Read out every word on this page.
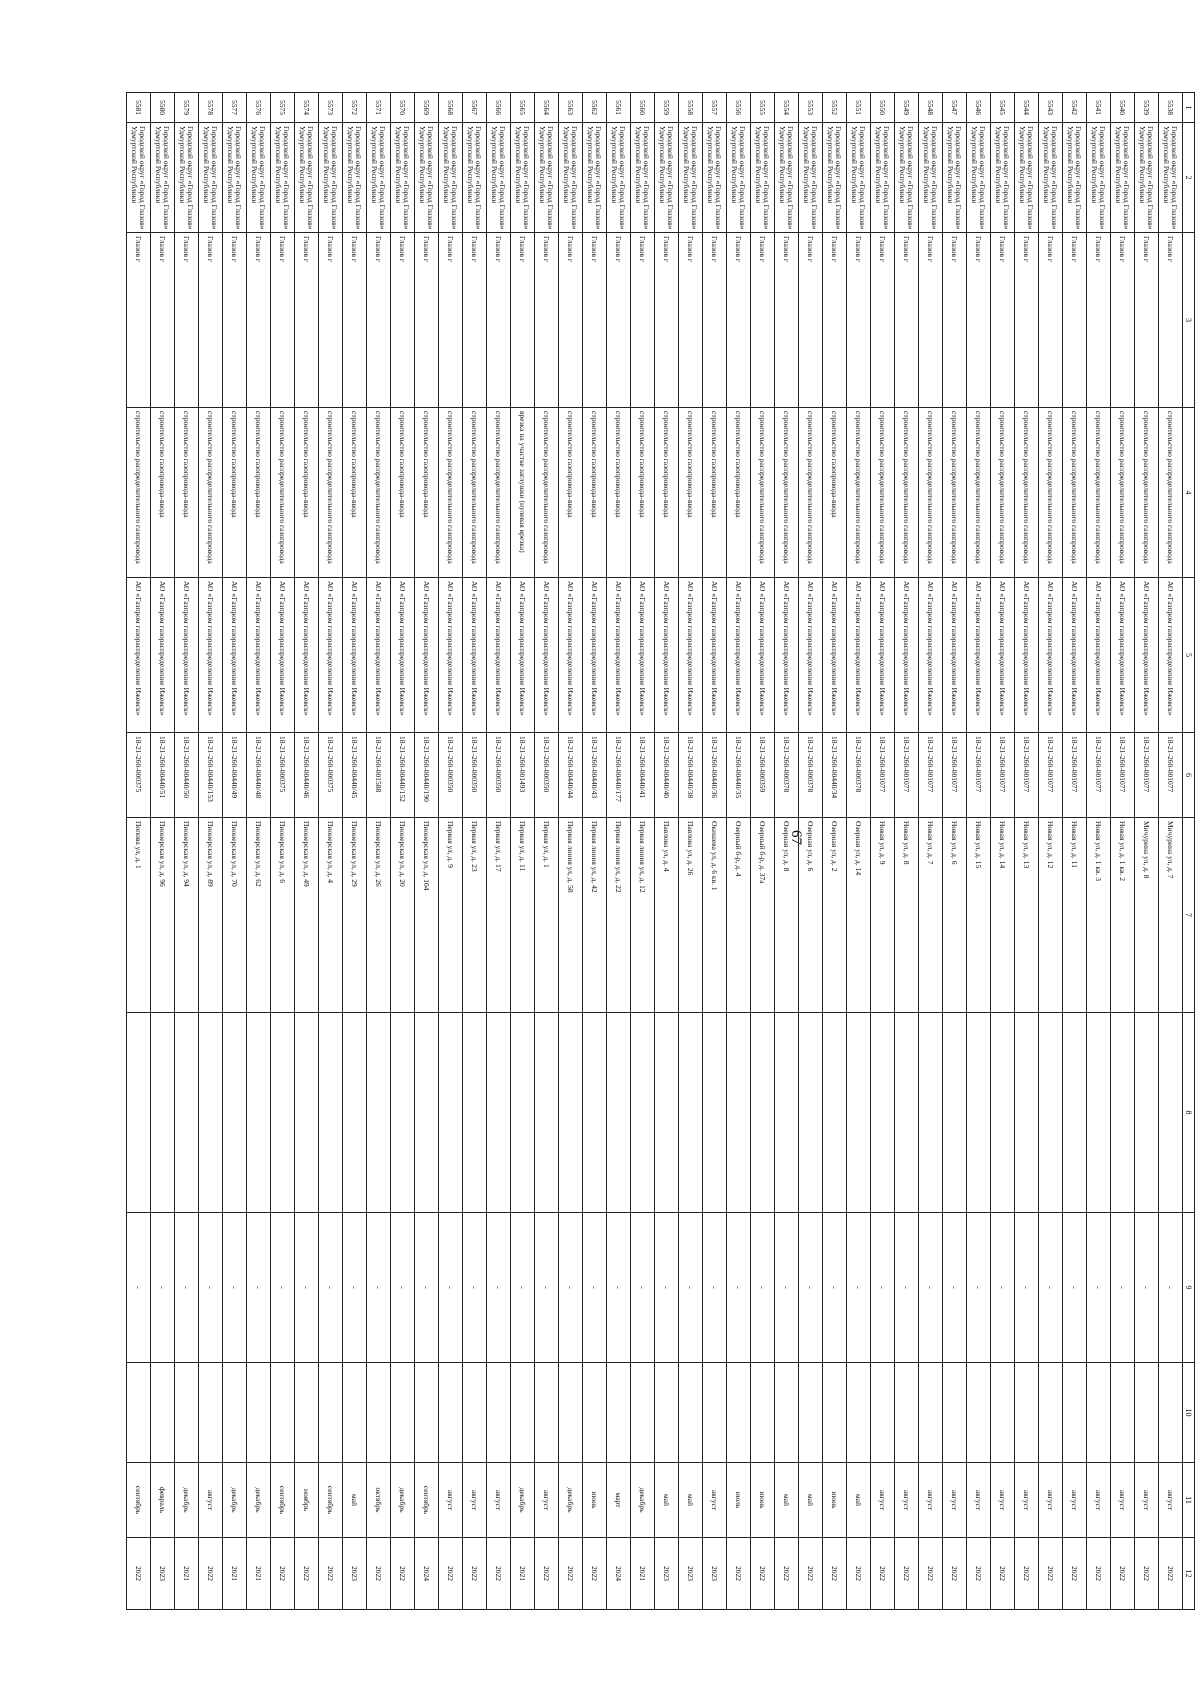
67
1	2	3	4	5	6	7	8	9	10	11	12
5538	Городской округ «Город Глазов»
Удмуртской Республики	Глазов г	строительство распределительного газопровода	АО «Газпром газораспределение Ижевск»	18-21-260-001077	Мичурина ул, д. 7		-		август	2022
5539	Городской округ «Город Глазов»
Удмуртской Республики	Глазов г	строительство распределительного газопровода	АО «Газпром газораспределение Ижевск»	18-21-260-001077	Мичурина ул, д. 8		-		август	2022
5540	Городской округ «Город Глазов»
Удмуртской Республики	Глазов г	строительство распределительного газопровода	АО «Газпром газораспределение Ижевск»	18-21-260-001077	Новая ул, д. 1 кв. 2		-		август	2022
5541	Городской округ «Город Глазов»
Удмуртской Республики	Глазов г	строительство распределительного газопровода	АО «Газпром газораспределение Ижевск»	18-21-260-001077	Новая ул, д. 1 кв. 3		-		август	2022
5542	Городской округ «Город Глазов»
Удмуртской Республики	Глазов г	строительство распределительного газопровода	АО «Газпром газораспределение Ижевск»	18-21-260-001077	Новая ул, д. 11		-		август	2022
5543	Городской округ «Город Глазов»
Удмуртской Республики	Глазов г	строительство распределительного газопровода	АО «Газпром газораспределение Ижевск»	18-21-260-001077	Новая ул, д. 12		-		август	2022
5544	Городской округ «Город Глазов»
Удмуртской Республики	Глазов г	строительство распределительного газопровода	АО «Газпром газораспределение Ижевск»	18-21-260-001077	Новая ул, д. 13		-		август	2022
5545	Городской округ «Город Глазов»
Удмуртской Республики	Глазов г	строительство распределительного газопровода	АО «Газпром газораспределение Ижевск»	18-21-260-001077	Новая ул, д. 14		-		август	2022
5546	Городской округ «Город Глазов»
Удмуртской Республики	Глазов г	строительство распределительного газопровода	АО «Газпром газораспределение Ижевск»	18-21-260-001077	Новая ул, д. 15		-		август	2022
5547	Городской округ «Город Глазов»
Удмуртской Республики	Глазов г	строительство распределительного газопровода	АО «Газпром газораспределение Ижевск»	18-21-260-001077	Новая ул, д. 6		-		август	2022
5548	Городской округ «Город Глазов»
Удмуртской Республики	Глазов г	строительство распределительного газопровода	АО «Газпром газораспределение Ижевск»	18-21-260-001077	Новая ул, д. 7		-		август	2022
5549	Городской округ «Город Глазов»
Удмуртской Республики	Глазов г	строительство распределительного газопровода	АО «Газпром газораспределение Ижевск»	18-21-260-001077	Новая ул, д. 8		-		август	2022
5550	Городской округ «Город Глазов»
Удмуртской Республики	Глазов г	строительство распределительного газопровода	АО «Газпром газораспределение Ижевск»	18-21-260-001077	Новая ул, д. 9		-		август	2022
5551	Городской округ «Город Глазов»
Удмуртской Республики	Глазов г	строительство распределительного газопровода	АО «Газпром газораспределение Ижевск»	18-21-260-000378	Озерная ул, д. 14		-		май	2022
5552	Городской округ «Город Глазов»
Удмуртской Республики	Глазов г	строительство газопровода-ввода	АО «Газпром газораспределение Ижевск»	18-21-260-00440/34	Озерная ул, д. 2		-		июнь	2022
5553	Городской округ «Город Глазов»
Удмуртской Республики	Глазов г	строительство распределительного газопровода	АО «Газпром газораспределение Ижевск»	18-21-260-000378	Озерная ул, д. 6		-		май	2022
5554	Городской округ «Город Глазов»
Удмуртской Республики	Глазов г	строительство распределительного газопровода	АО «Газпром газораспределение Ижевск»	18-21-260-000378	Озерная ул, д. 8		-		май	2022
5555	Городской округ «Город Глазов»
Удмуртской Республики	Глазов г	строительство распределительного газопровода	АО «Газпром газораспределение Ижевск»	18-21-260-000359	Озерный б-р, д. 37а		-		июнь	2022
5556	Городской округ «Город Глазов»
Удмуртской Республики	Глазов г	строительство газопровода-ввода	АО «Газпром газораспределение Ижевск»	18-21-260-00440/35	Озерный б-р, д. 4		-		июль	2022
5557	Городской округ «Город Глазов»
Удмуртской Республики	Глазов г	строительство газопровода-ввода	АО «Газпром газораспределение Ижевск»	18-21-260-00440/36	Окишева ул, д. 6 кв. 1		-		август	2023
5558	Городской округ «Город Глазов»
Удмуртской Республики	Глазов г	строительство газопровода-ввода	АО «Газпром газораспределение Ижевск»	18-21-260-00440/38	Павлова ул, д. 26		-		май	2023
5559	Городской округ «Город Глазов»
Удмуртской Республики	Глазов г	строительство газопровода-ввода	АО «Газпром газораспределение Ижевск»	18-21-260-00440/40	Павлова ул, д. 4		-		май	2023
5560	Городской округ «Город Глазов»
Удмуртской Республики	Глазов г	строительство газопровода-ввода	АО «Газпром газораспределение Ижевск»	18-21-260-00440/41	Первая линия ул, д. 12		-		декабрь	2021
5561	Городской округ «Город Глазов»
Удмуртской Республики	Глазов г	строительство газопровода-ввода	АО «Газпром газораспределение Ижевск»	18-21-260-00440/177	Первая линия ул, д. 22		-		март	2024
5562	Городской округ «Город Глазов»
Удмуртской Республики	Глазов г	строительство газопровода-ввода	АО «Газпром газораспределение Ижевск»	18-21-260-00440/43	Первая линия ул, д. 42		-		июнь	2022
5563	Городской округ «Город Глазов»
Удмуртской Республики	Глазов г	строительство газопровода-ввода	АО «Газпром газораспределение Ижевск»	18-21-260-00440/44	Первая линия ул, д. 58		-		декабрь	2022
5564	Городской округ «Город Глазов»
Удмуртской Республики	Глазов г	строительство распределительного газопровода	АО «Газпром газораспределение Ижевск»	18-21-260-000350	Первая ул, д. 1		-		август	2022
5565	Городской округ «Город Глазов»
Удмуртской Республики	Глазов г	врезка на участке заглушки (нулевая врезка)	АО «Газпром газораспределение Ижевск»	18-21-260-001493	Первая ул, д. 11		-		декабрь	2021
5566	Городской округ «Город Глазов»
Удмуртской Республики	Глазов г	строительство распределительного газопровода	АО «Газпром газораспределение Ижевск»	18-21-260-000350	Первая ул, д. 17		-		август	2022
5567	Городской округ «Город Глазов»
Удмуртской Республики	Глазов г	строительство распределительного газопровода	АО «Газпром газораспределение Ижевск»	18-21-260-000350	Первая ул, д. 23		-		август	2022
5568	Городской округ «Город Глазов»
Удмуртской Республики	Глазов г	строительство распределительного газопровода	АО «Газпром газораспределение Ижевск»	18-21-260-000350	Первая ул, д. 9		-		август	2022
5569	Городской округ «Город Глазов»
Удмуртской Республики	Глазов г	строительство газопровода-ввода	АО «Газпром газораспределение Ижевск»	18-21-260-00440/190	Пионерская ул, д. 104		-		сентябрь	2024
5570	Городской округ «Город Глазов»
Удмуртской Республики	Глазов г	строительство газопровода-ввода	АО «Газпром газораспределение Ижевск»	18-21-260-00440/152	Пионерская ул, д. 20		-		декабрь	2022
5571	Городской округ «Город Глазов»
Удмуртской Республики	Глазов г	строительство распределительного газопровода	АО «Газпром газораспределение Ижевск»	18-21-260-001588	Пионерская ул, д. 26		-		октябрь	2022
5572	Городской округ «Город Глазов»
Удмуртской Республики	Глазов г	строительство газопровода-ввода	АО «Газпром газораспределение Ижевск»	18-21-260-00440/45	Пионерская ул, д. 29		-		май	2023
5573	Городской округ «Город Глазов»
Удмуртской Республики	Глазов г	строительство распределительного газопровода	АО «Газпром газораспределение Ижевск»	18-21-260-000375	Пионерская ул, д. 4		-		сентябрь	2022
5574	Городской округ «Город Глазов»
Удмуртской Республики	Глазов г	строительство газопровода-ввода	АО «Газпром газораспределение Ижевск»	18-21-260-00440/46	Пионерская ул, д. 49		-		ноябрь	2022
5575	Городской округ «Город Глазов»
Удмуртской Республики	Глазов г	строительство распределительного газопровода	АО «Газпром газораспределение Ижевск»	18-21-260-000375	Пионерская ул, д. 6		-		сентябрь	2022
5576	Городской округ «Город Глазов»
Удмуртской Республики	Глазов г	строительство газопровода-ввода	АО «Газпром газораспределение Ижевск»	18-21-260-00440/48	Пионерская ул, д. 62		-		декабрь	2021
5577	Городской округ «Город Глазов»
Удмуртской Республики	Глазов г	строительство газопровода-ввода	АО «Газпром газораспределение Ижевск»	18-21-260-00440/49	Пионерская ул, д. 70		-		декабрь	2021
5578	Городской округ «Город Глазов»
Удмуртской Республики	Глазов г	строительство распределительного газопровода	АО «Газпром газораспределение Ижевск»	18-21-260-00440/153	Пионерская ул, д. 89		-		август	2022
5579	Городской округ «Город Глазов»
Удмуртской Республики	Глазов г	строительство газопровода-ввода	АО «Газпром газораспределение Ижевск»	18-21-260-00440/50	Пионерская ул, д. 94		-		декабрь	2021
5580	Городской округ «Город Глазов»
Удмуртской Республики	Глазов г	строительство газопровода-ввода	АО «Газпром газораспределение Ижевск»	18-21-260-00440/51	Пионерская ул, д. 96		-		февраль	2023
5581	Городской округ «Город Глазов»
Удмуртской Республики	Глазов г	строительство распределительного газопровода	АО «Газпром газораспределение Ижевск»	18-21-260-000375	Попова ул, д. 1		-		сентябрь	2022
